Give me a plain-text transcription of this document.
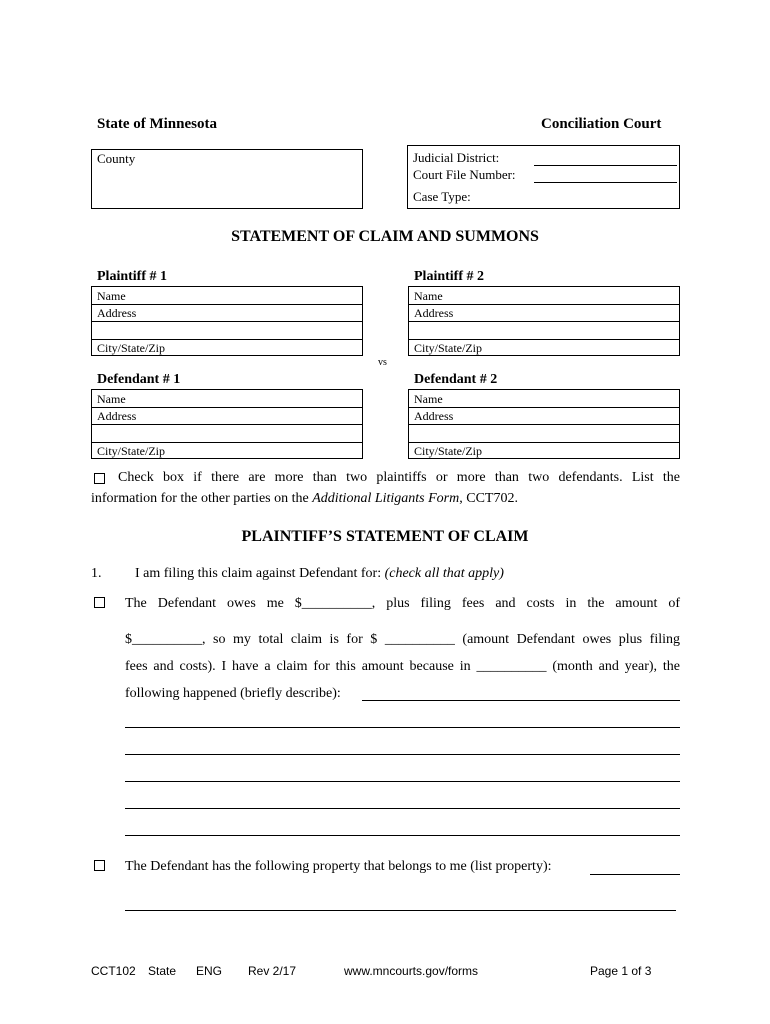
State of Minnesota	Conciliation Court
County	Judicial District:
Court File Number:
Case Type:
STATEMENT OF CLAIM AND SUMMONS
Plaintiff # 1
Name
Address
City/State/Zip
Plaintiff # 2
Name
Address
City/State/Zip
vs
Defendant # 1
Name
Address
City/State/Zip
Defendant # 2
Name
Address
City/State/Zip
Check box if there are more than two plaintiffs or more than two defendants. List the
information for the other parties on the Additional Litigants Form, CCT702.
PLAINTIFF’S STATEMENT OF CLAIM
1. I am filing this claim against Defendant for: (check all that apply)
The Defendant owes me $__________, plus filing fees and costs in the amount of
$__________, so my total claim is for $ __________ (amount Defendant owes plus filing
fees and costs). I have a claim for this amount because in __________ (month and year), the
following happened (briefly describe):
The Defendant has the following property that belongs to me (list property):
CCT102 State ENG Rev 2/17	www.mncourts.gov/forms	Page 1 of 3
